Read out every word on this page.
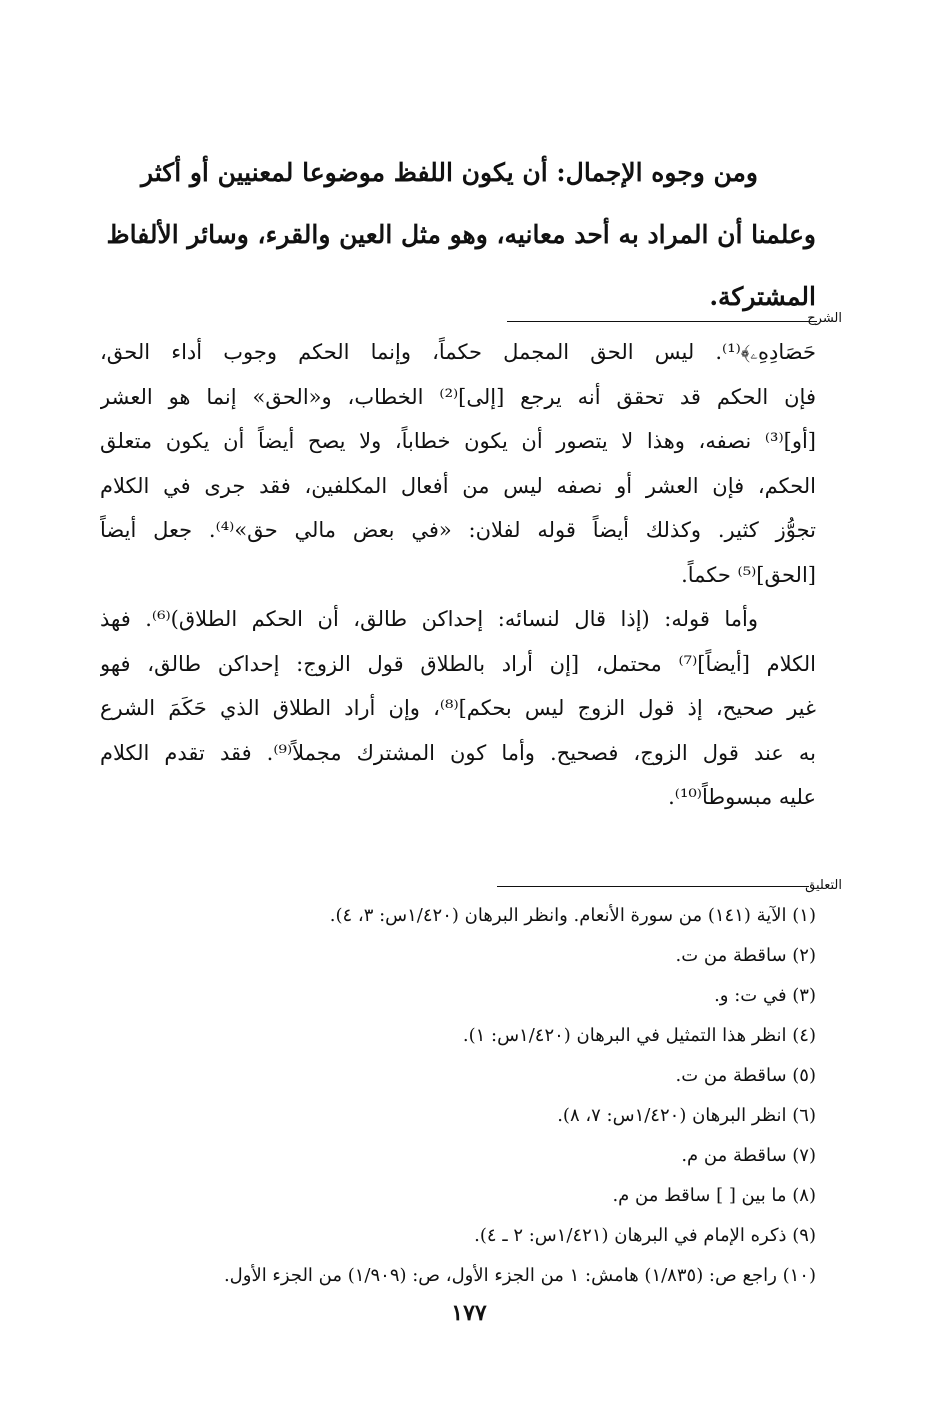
ومن وجوه الإجمال: أن يكون اللفظ موضوعا لمعنيين أو أكثر
وعلمنا أن المراد به أحد معانيه، وهو مثل العين والقرء، وسائر الألفاظ
المشتركة.
الشرح

حَصَادِهِۦ﴾⁽¹⁾. ليس الحق المجمل حكماً، وإنما الحكم وجوب أداء الحق،
فإن الحكم قد تحقق أنه يرجع [إلى]⁽²⁾ الخطاب، و«الحق» إنما هو العشر
[أو]⁽³⁾ نصفه، وهذا لا يتصور أن يكون خطاباً، ولا يصح أيضاً أن يكون متعلق
الحكم، فإن العشر أو نصفه ليس من أفعال المكلفين، فقد جرى في الكلام
تجوُّز كثير. وكذلك أيضاً قوله لفلان: «في بعض مالي حق»⁽⁴⁾. جعل أيضاً
[الحق]⁽⁵⁾ حكماً.

وأما قوله: (إذا قال لنسائه: إحداكن طالق، أن الحكم الطلاق)⁽⁶⁾. فهذ
الكلام [أيضاً]⁽⁷⁾ محتمل، [إن أراد بالطلاق قول الزوج: إحداكن طالق، فهو
غير صحيح، إذ قول الزوج ليس بحكم]⁽⁸⁾، وإن أراد الطلاق الذي حَكَمَ الشرع
به عند قول الزوج، فصحيح. وأما كون المشترك مجملاً⁽⁹⁾. فقد تقدم الكلام
عليه مبسوطاً⁽¹⁰⁾.

التعليق
(١) الآية (١٤١) من سورة الأنعام. وانظر البرهان (١/٤٢٠س: ٣، ٤).
(٢) ساقطة من ت.
(٣) في ت: و.
(٤) انظر هذا التمثيل في البرهان (١/٤٢٠س: ١).
(٥) ساقطة من ت.
(٦) انظر البرهان (١/٤٢٠س: ٧، ٨).
(٧) ساقطة من م.
(٨) ما بين [ ] ساقط من م.
(٩) ذكره الإمام في البرهان (١/٤٢١س: ٢ ـ ٤).
(١٠) راجع ص: (١/٨٣٥) هامش: ١ من الجزء الأول، ص: (١/٩٠٩) من الجزء الأول.
١٧٧
